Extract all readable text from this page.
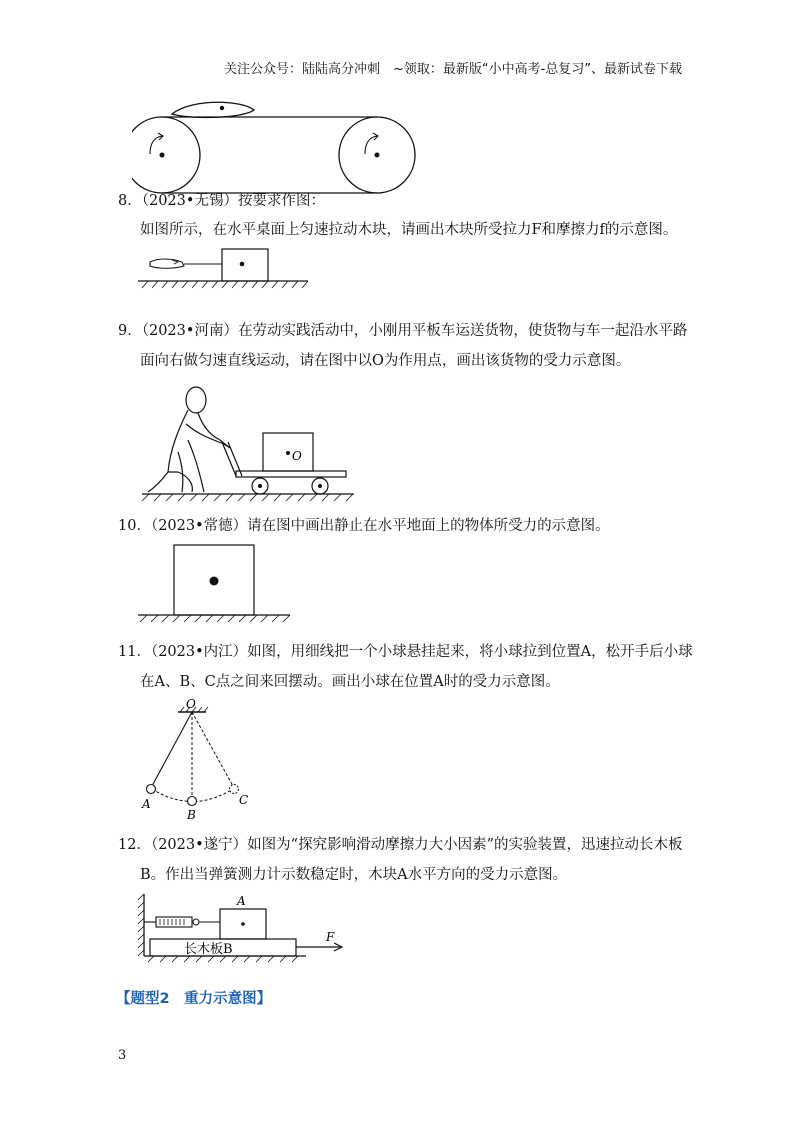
关注公众号：陆陆高分冲刺　~领取：最新版“小中高考-总复习”、最新试卷下载
8．（2023•无锡）按要求作图：
如图所示，在水平桌面上匀速拉动木块，请画出木块所受拉力F和摩擦力f的示意图。
9．（2023•河南）在劳动实践活动中，小刚用平板车运送货物，使货物与车一起沿水平路
面向右做匀速直线运动，请在图中以O为作用点，画出该货物的受力示意图。
O
10．（2023•常德）请在图中画出静止在水平地面上的物体所受力的示意图。
11．（2023•内江）如图，用细线把一个小球悬挂起来，将小球拉到位置A，松开手后小球
在A、B、C点之间来回摆动。画出小球在位置A时的受力示意图。
O
A
B
C
12．（2023•遂宁）如图为“探究影响滑动摩擦力大小因素”的实验装置，迅速拉动长木板
B。作出当弹簧测力计示数稳定时，木块A水平方向的受力示意图。
A
长木板B
F
【题型2　重力示意图】
3
